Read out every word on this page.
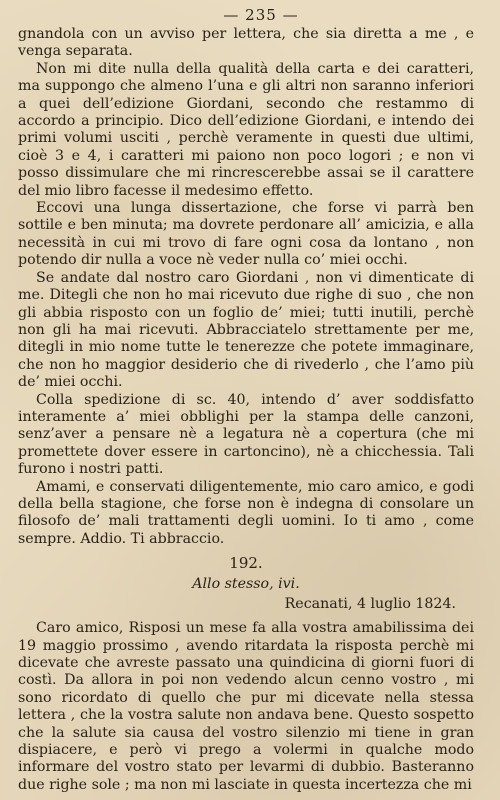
— 235 —

gnandola con un avviso per lettera, che sia diretta a me , e venga separata.

Non mi dite nulla della qualità della carta e dei caratteri, ma suppongo che almeno l’una e gli altri non saranno inferiori a quei dell’edizione Giordani, secondo che restammo di accordo a principio. Dico dell’edizione Giordani, e intendo dei primi volumi usciti , perchè veramente in questi due ultimi, cioè 3 e 4, i caratteri mi paiono non poco logori ; e non vi posso dissimulare che mi rincrescerebbe assai se il carattere del mio libro facesse il medesimo effetto.

Eccovi una lunga dissertazione, che forse vi parrà ben sottile e ben minuta; ma dovrete perdonare all’ amicizia, e alla necessità in cui mi trovo di fare ogni cosa da lontano , non potendo dir nulla a voce nè veder nulla co’ miei occhi.

Se andate dal nostro caro Giordani , non vi dimenticate di me. Ditegli che non ho mai ricevuto due righe di suo , che non gli abbia risposto con un foglio de’ miei; tutti inutili, perchè non gli ha mai ricevuti. Abbracciatelo strettamente per me, ditegli in mio nome tutte le tenerezze che potete immaginare, che non ho maggior desiderio che di rivederlo , che l’amo più de’ miei occhi.

Colla spedizione di sc. 40, intendo d’ aver soddisfatto interamente a’ miei obblighi per la stampa delle canzoni, senz’aver a pensare nè a legatura nè a copertura (che mi promettete dover essere in cartoncino), nè a chicchessia. Tali furono i nostri patti.

Amami, e conservati diligentemente, mio caro amico, e godi della bella stagione, che forse non è indegna di consolare un filosofo de’ mali trattamenti degli uomini. Io ti amo , come sempre. Addio. Ti abbraccio.

192.
Allo stesso, ivi.
Recanati, 4 luglio 1824.

Caro amico, Risposi un mese fa alla vostra amabilissima dei 19 maggio prossimo , avendo ritardata la risposta perchè mi dicevate che avreste passato una quindicina di giorni fuori di costì. Da allora in poi non vedendo alcun cenno vostro , mi sono ricordato di quello che pur mi dicevate nella stessa lettera , che la vostra salute non andava bene. Questo sospetto che la salute sia causa del vostro silenzio mi tiene in gran dispiacere, e però vi prego a volermi in qualche modo informare del vostro stato per levarmi di dubbio. Basteranno due righe sole ; ma non mi lasciate in questa incertezza che mi
